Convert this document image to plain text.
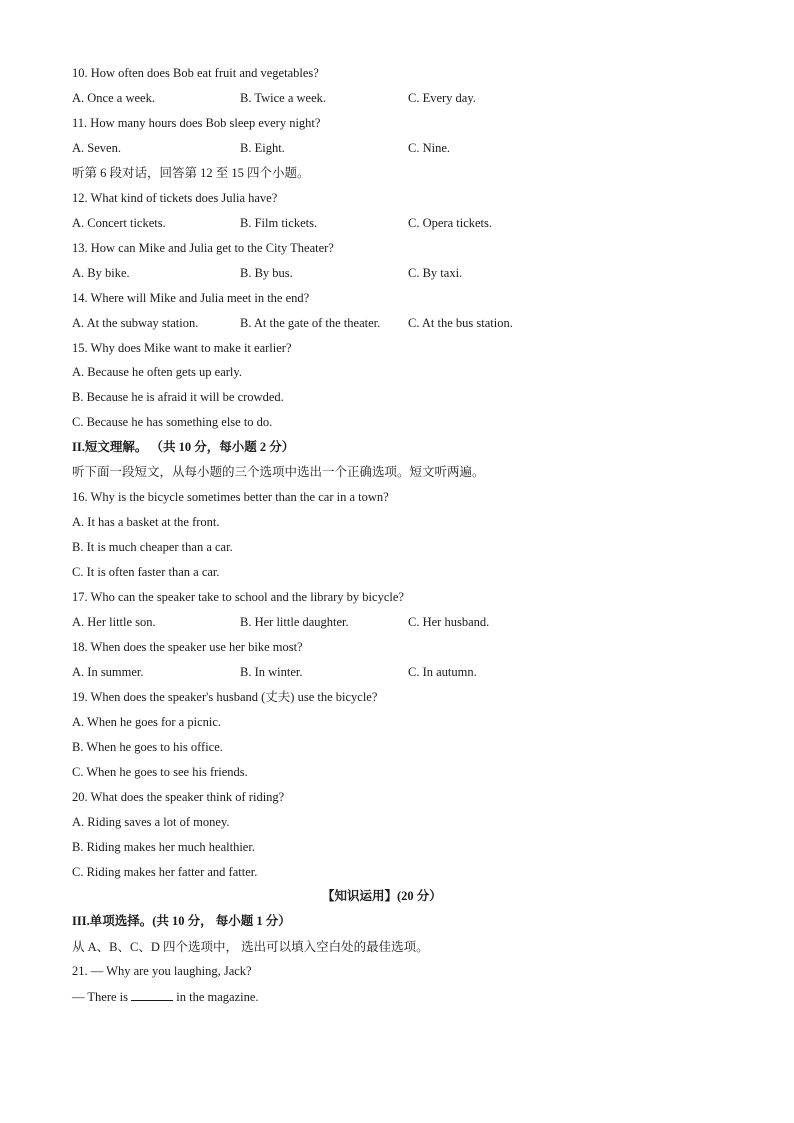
10. How often does Bob eat fruit and vegetables?
A. Once a week.	B. Twice a week.	C. Every day.
11. How many hours does Bob sleep every night?
A. Seven.	B. Eight.	C. Nine.
听第 6 段对话，回答第 12 至 15 四个小题。
12. What kind of tickets does Julia have?
A. Concert tickets.	B. Film tickets.	C. Opera tickets.
13. How can Mike and Julia get to the City Theater?
A. By bike.	B. By bus.	C. By taxi.
14. Where will Mike and Julia meet in the end?
A. At the subway station.	B. At the gate of the theater. C. At the bus station.
15. Why does Mike want to make it earlier?
A. Because he often gets up early.
B. Because he is afraid it will be crowded.
C. Because he has something else to do.
II.短文理解。 （共 10 分，每小题 2 分）
听下面一段短文，从每小题的三个选项中选出一个正确选项。短文听两遍。
16. Why is the bicycle sometimes better than the car in a town?
A. It has a basket at the front.
B. It is much cheaper than a car.
C. It is often faster than a car.
17. Who can the speaker take to school and the library by bicycle?
A. Her little son.	B. Her little daughter.	C. Her husband.
18. When does the speaker use her bike most?
A. In summer.	B. In winter.	C. In autumn.
19. When does the speaker's husband (丈夫) use the bicycle?
A. When he goes for a picnic.
B. When he goes to his office.
C. When he goes to see his friends.
20. What does the speaker think of riding?
A. Riding saves a lot of money.
B. Riding makes her much healthier.
C. Riding makes her fatter and fatter.
【知识运用】(20 分）
III.单项选择。(共 10 分， 每小题 1 分）
从 A、B、C、D 四个选项中， 选出可以填入空白处的最佳选项。
21. — Why are you laughing, Jack?
— There is	in the magazine.
